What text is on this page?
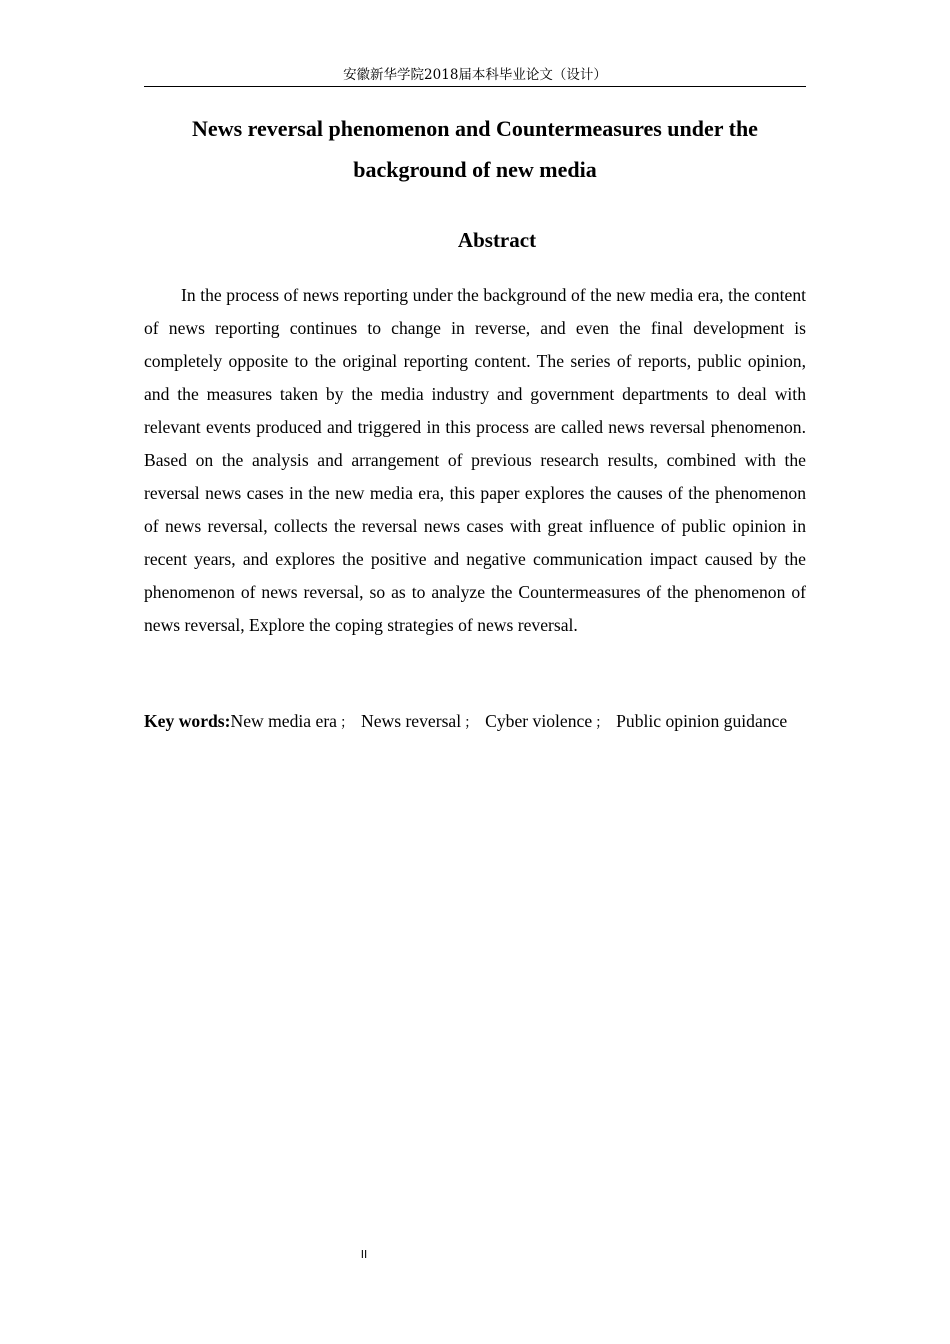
安徽新华学院2018届本科毕业论文（设计）
News reversal phenomenon and Countermeasures under the
background of new media
Abstract

In the process of news reporting under the background of the new media era, the content of news reporting continues to change in reverse, and even the final development is completely opposite to the original reporting content. The series of reports, public opinion, and the measures taken by the media industry and government departments to deal with relevant events produced and triggered in this process are called news reversal phenomenon. Based on the analysis and arrangement of previous research results, combined with the reversal news cases in the new media era, this paper explores the causes of the phenomenon of news reversal, collects the reversal news cases with great influence of public opinion in recent years, and explores the positive and negative communication impact caused by the phenomenon of news reversal, so as to analyze the Countermeasures of the phenomenon of news reversal, Explore the coping strategies of news reversal.

Key words:New media era ； News reversal ； Cyber violence ； Public opinion guidance

II
